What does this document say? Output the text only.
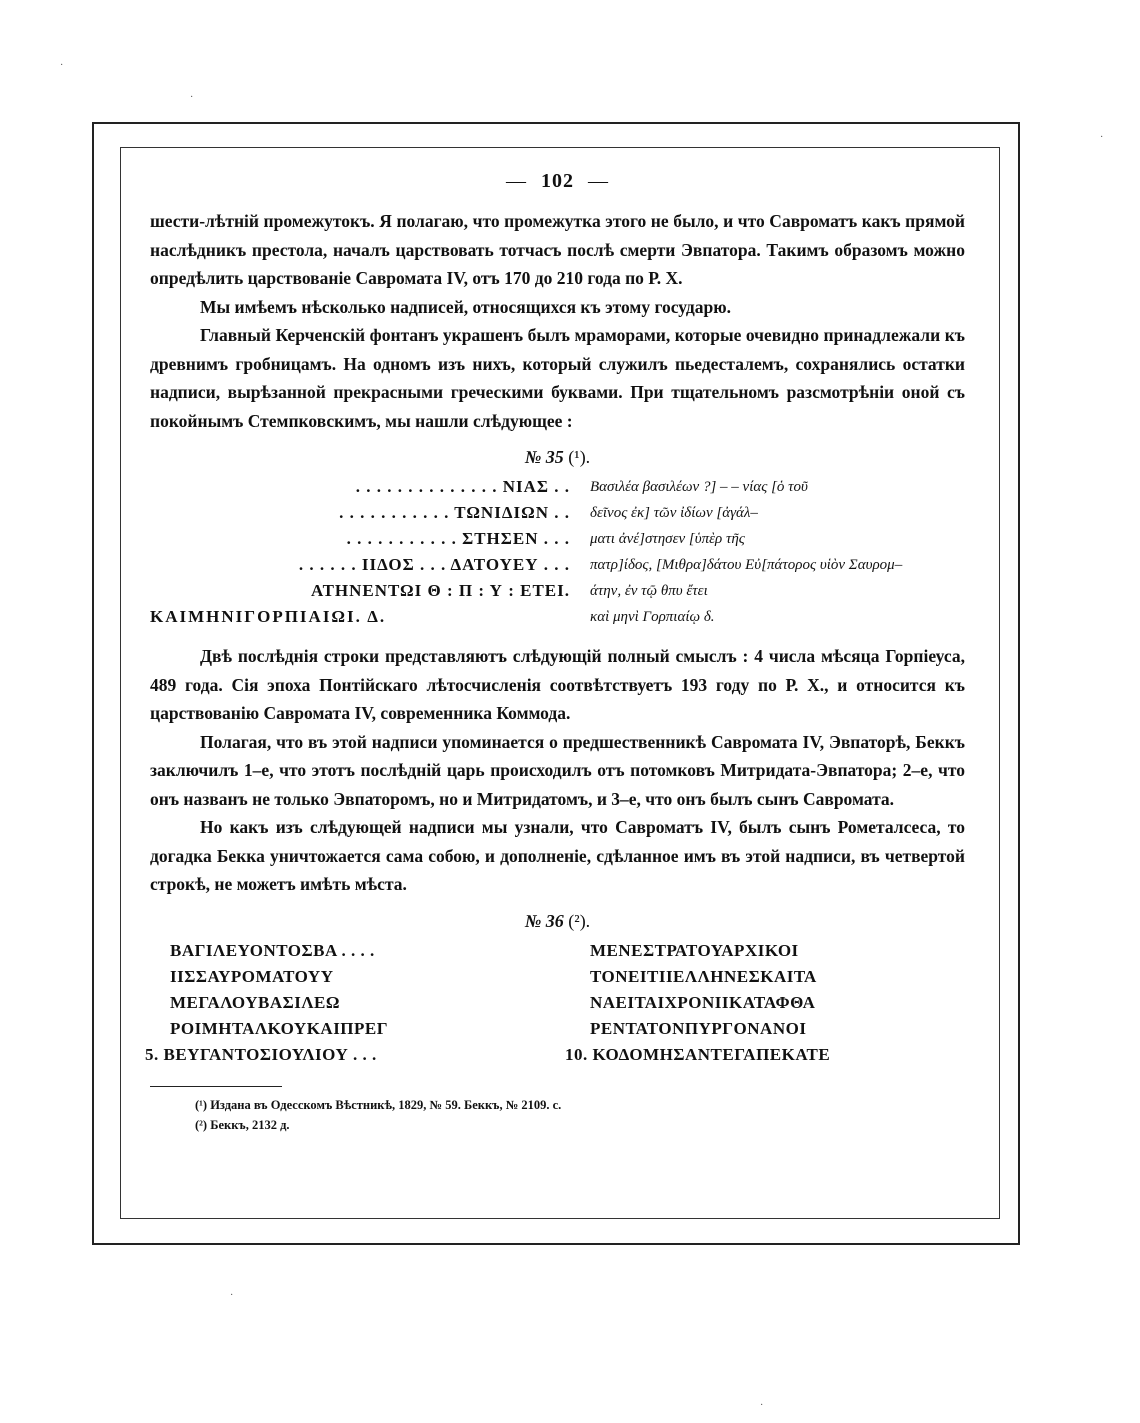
— 102 —

шести-лѣтній промежутокъ. Я полагаю, что промежутка этого не было, и что Савроматъ какъ прямой наслѣдникъ престола, началъ царствовать тотчасъ послѣ смерти Эвпатора. Такимъ образомъ можно опредѣлить царствованіе Савромата IV, отъ 170 до 210 года по Р. Х.

Мы имѣемъ нѣсколько надписей, относящихся къ этому государю.

Главный Керченскій фонтанъ украшенъ былъ мраморами, которые очевидно принадлежали къ древнимъ гробницамъ. На одномъ изъ нихъ, который служилъ пьедесталемъ, сохранялись остатки надписи, вырѣзанной прекрасными греческими буквами. При тщательномъ разсмотрѣніи оной съ покойнымъ Стемпковскимъ, мы нашли слѣдующее :

№ 35 (¹).
. . . . . . . . . . . . . . ΝΙΑΣ . .
. . . . . . . . . . . ΤΩΝΙΔΙΩΝ . .
. . . . . . . . . . . ΣΤΗΣΕΝ . . .
. . . . . . ΙΙΔΟΣ . . . ΔΑΤΟΥΕΥ . . .
ΑΤΗΝΕΝΤΩΙ Θ : Π : Υ : ΕΤΕΙ.
ΚΑΙΜΗΝΙΓΟΡΠΙΑΙΩΙ. Δ.
Βασιλέα βασιλέων ?] – – νίας [ὁ τοῦ
δεῖνος ἐκ] τῶν ἰδίων [ἀγάλ–
ματι ἀνέ]στησεν [ὑπὲρ τῆς
πατρ]ίδος, [Μιθρα]δάτου Εὐ[πάτορος υἱὸν Σαυρομ–
άτην, ἐν τῷ θπυ ἔτει
καὶ μηνὶ Γορπιαίῳ δ.

Двѣ послѣднія строки представляютъ слѣдующій полный смыслъ : 4 числа мѣсяца Горпіеуса, 489 года. Сія эпоха Понтійскаго лѣтосчисленія соотвѣтствуетъ 193 году по Р. Х., и относится къ царствованію Савромата IV, современника Коммода.

Полагая, что въ этой надписи упоминается о предшественникѣ Савромата IV, Эвпаторѣ, Беккъ заключилъ 1–е, что этотъ послѣдній царь происходилъ отъ потомковъ Митридата-Эвпатора; 2–е, что онъ названъ не только Эвпаторомъ, но и Митридатомъ, и 3–е, что онъ былъ сынъ Савромата.

Но какъ изъ слѣдующей надписи мы узнали, что Савроматъ IV, былъ сынъ Рометалсеса, то догадка Бекка уничтожается сама собою, и дополненіе, сдѣланное имъ въ этой надписи, въ четвертой строкѣ, не можетъ имѣть мѣста.

№ 36 (²).
ΒΑΓΙΛΕΥΟΝΤΟΣΒΑ . . . .
ΙΙΣΣΑΥΡΟΜΑΤΟΥΥ
ΜΕΓΑΛΟΥΒΑΣΙΛΕΩ
ΡΟΙΜΗΤΑΛΚΟΥΚΑΙΠΡΕΓ
5. ΒΕΥΓΑΝΤΟΣΙΟΥΛΙΟΥ . . .
ΜΕΝΕΣΤΡΑΤΟΥΑΡΧΙΚΟΙ
ΤΟΝΕΙΤΙΙΕΛΛΗΝΕΣΚΑΙΤΑ
ΝΑΕΙΤΑΙΧΡΟΝΙΙΚΑΤΑΦΘΑ
ΡΕΝΤΑΤΟΝΠΥΡΓΟΝΑΝΟΙ
10. ΚΟΔΟΜΗΣΑΝΤΕΓΑΠΕΚΑΤΕ
(¹) Издана въ Одесскомъ Вѣстникѣ, 1829, № 59. Беккъ, № 2109. с.
(²) Беккъ, 2132 д.
·
·
·
·
·
